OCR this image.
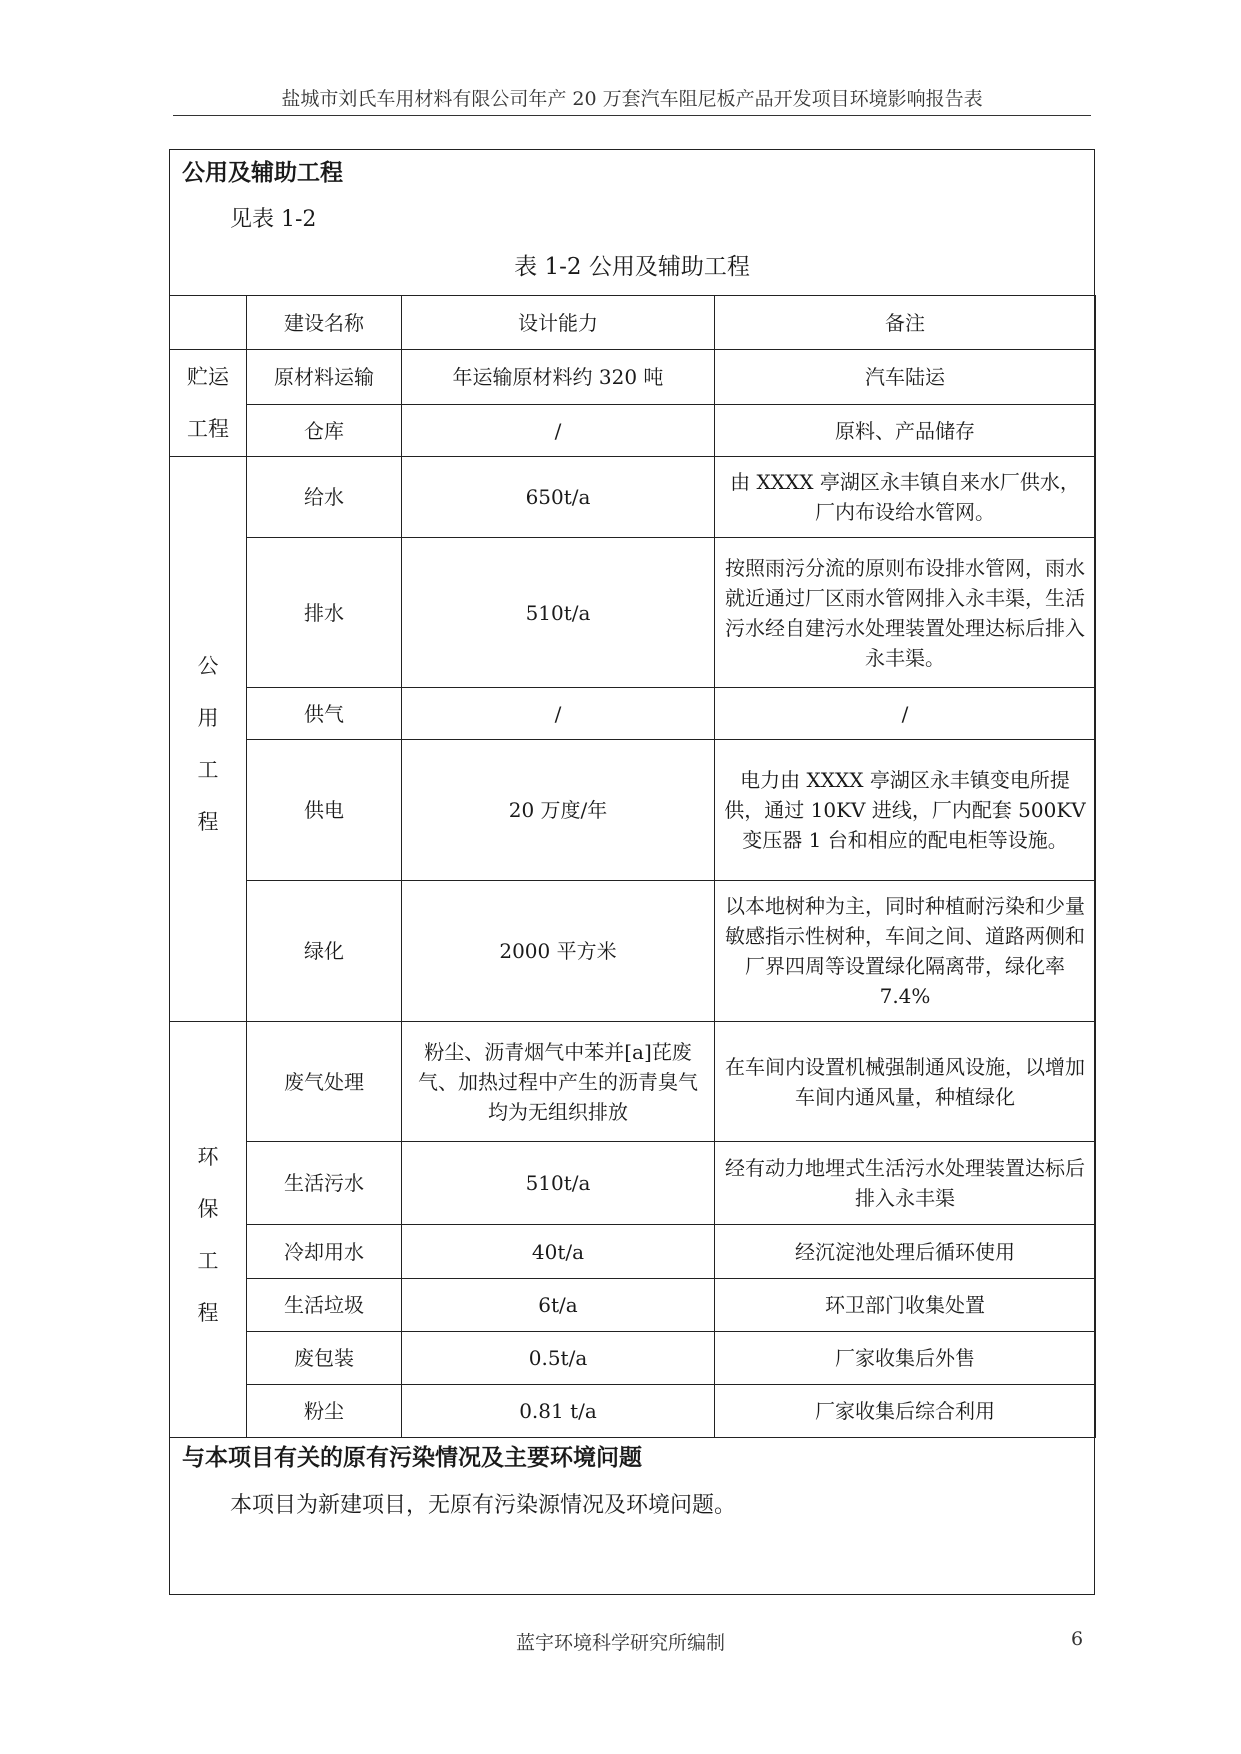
盐城市刘氏车用材料有限公司年产 20 万套汽车阻尼板产品开发项目环境影响报告表
公用及辅助工程
见表 1-2
表 1-2 公用及辅助工程
	建设名称	设计能力	备注
贮运
工程	原材料运输	年运输原材料约 320 吨	汽车陆运
	仓库	/	原料、产品储存
公
用
工
程	给水	650t/a	由 XXXX 亭湖区永丰镇自来水厂供水，厂内布设给水管网。
	排水	510t/a	按照雨污分流的原则布设排水管网，雨水就近通过厂区雨水管网排入永丰渠，生活污水经自建污水处理装置处理达标后排入永丰渠。
	供气	/	/
	供电	20 万度/年	电力由 XXXX 亭湖区永丰镇变电所提供，通过 10KV 进线，厂内配套 500KV 变压器 1 台和相应的配电柜等设施。
	绿化	2000 平方米	以本地树种为主，同时种植耐污染和少量敏感指示性树种，车间之间、道路两侧和厂界四周等设置绿化隔离带，绿化率 7.4%
环
保
工
程	废气处理	粉尘、沥青烟气中苯并[a]芘废气、加热过程中产生的沥青臭气均为无组织排放	在车间内设置机械强制通风设施，以增加车间内通风量，种植绿化
	生活污水	510t/a	经有动力地埋式生活污水处理装置达标后排入永丰渠
	冷却用水	40t/a	经沉淀池处理后循环使用
	生活垃圾	6t/a	环卫部门收集处置
	废包装	0.5t/a	厂家收集后外售
	粉尘	0.81 t/a	厂家收集后综合利用
与本项目有关的原有污染情况及主要环境问题
本项目为新建项目，无原有污染源情况及环境问题。
蓝宇环境科学研究所编制	6
